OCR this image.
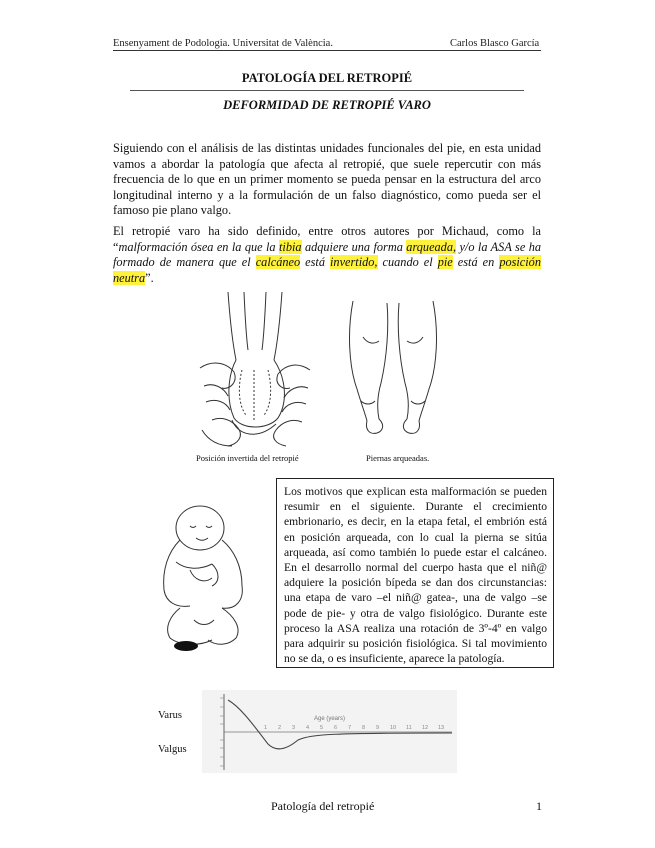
Ensenyament de Podologia. Universitat de València.	Carlos Blasco García
PATOLOGÍA DEL RETROPIÉ
DEFORMIDAD DE RETROPIÉ VARO
Siguiendo con el análisis de las distintas unidades funcionales del pie, en esta unidad vamos a abordar la patología que afecta al retropié, que suele repercutir con más frecuencia de lo que en un primer momento se pueda pensar en la estructura del arco longitudinal interno y a la formulación de un falso diagnóstico, como pueda ser el famoso pie plano valgo.
El retropié varo ha sido definido, entre otros autores por Michaud, como la “malformación ósea en la que la tibia adquiere una forma arqueada, y/o la ASA se ha formado de manera que el calcáneo está invertido, cuando el pie está en posición neutra”.
Posición invertida del retropié	Piernas arqueadas.
Los motivos que explican esta malformación se pueden resumir en el siguiente. Durante el crecimiento embrionario, es decir, en la etapa fetal, el embrión está en posición arqueada, con lo cual la pierna se sitúa arqueada, así como también lo puede estar el calcáneo. En el desarrollo normal del cuerpo hasta que el niñ@ adquiere la posición bípeda se dan dos circunstancias: una etapa de varo –el niñ@ gatea-, una de valgo –se pode de pie- y otra de valgo fisiológico. Durante este proceso la ASA realiza una rotación de 3º-4º en valgo para adquirir su posición fisiológica. Si tal movimiento no se da, o es insuficiente, aparece la patología.
Varus
Valgus
Age (years)
1 2 3 4 5 6 7 8 9 10 11 12 13
Patología del retropié	1
